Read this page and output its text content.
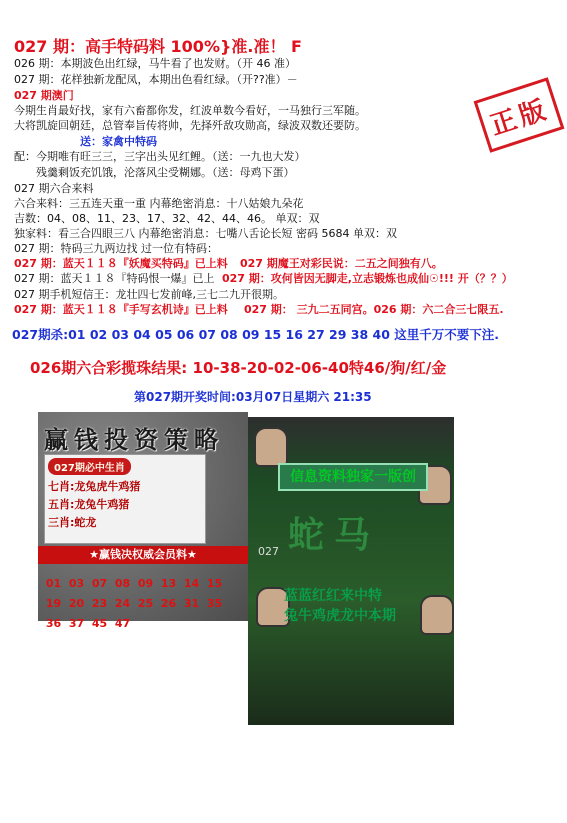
027 期：高手特码料 100%}准.准！ F
026 期：本期波色出红绿，马牛看了也发财。（开 46 准）
027 期：花样独新龙配凤，本期出色看红绿。（开??准）－
027 期澳门
今期生肖最好找，家有六畜都你发，红波单数今看好，一马独行三军随。
大将凯旋回朝廷，总管奉旨传将帅，先择歼敌攻勋高，绿波双数还要防。
送：家禽中特码
配：今期唯有旺三三，三字出头见红鲤。（送：一九也大发）
残羹剩饭充饥饿，沦落风尘受糊娜。（送：母鸡下蛋）
027 期六合来料
六合来料：三五连天重一重 内幕绝密消息：十八姑娘九朵花
吉数：04、08、11、23、17、32、42、44、46。 单双：双
独家料：看三合四眼三八 内幕绝密消息：七嘴八舌论长短 密码 5684 单双：双
027 期：特码三九两边找 过一位有特码：
027 期：蓝天１１８『妖魔买特码』已上料 027 期魔王对彩民说：二五之间独有八。
027 期：蓝天１１８『特码恨一爆』已上 027 期：攻何皆因无脚走,立志锻炼也成仙☉!!! 开（？？）
027 期手机短信王：龙壮四七发前峰,三七二九开很期。
027 期：蓝天１１８『手写玄机诗』已上料 027 期： 三九二五同宫。026 期：六二合三七限五.
027期杀:01 02 03 04 05 06 07 08 09 15 16 27 29 38 40 这里千万不要下注.
026期六合彩揽珠结果: 10-38-20-02-06-40特46/狗/红/金
第027期开奖时间:03月07日星期六 21:35
正版
赢钱投资策略
027期必中生肖
七肖:龙兔虎牛鸡猪
五肖:龙兔牛鸡猪
三肖:蛇龙
★赢钱决权威会员料★
01 03 07 08 09 13 14 1519 20 23 24 25 26 31 3536 37 45 47
信息资料独家一版创
蛇马
027
蓝蓝红红来中特
兔牛鸡虎龙中本期
